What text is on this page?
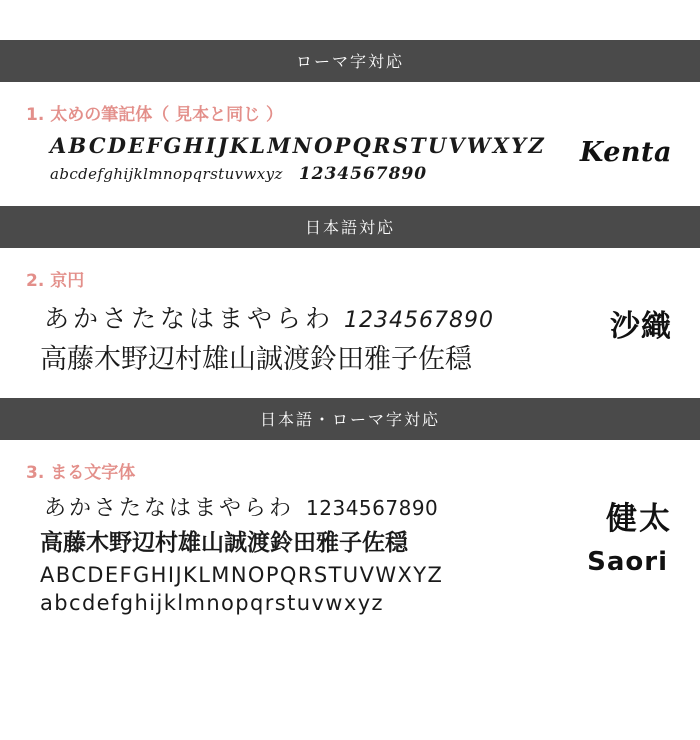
ローマ字対応
1. 太めの筆記体（ 見本と同じ ）
ABCDEFGHIJKLMNOPQRSTUVWXYZ
abcdefghijklmnopqrstuvwxyz 1234567890
Kenta
日本語対応
2. 京円
あかさたなはまやらわ 1234567890
高藤木野辺村雄山誠渡鈴田雅子佐穏
沙織
日本語・ローマ字対応
3. まる文字体
あかさたなはまやらわ 1234567890
高藤木野辺村雄山誠渡鈴田雅子佐穏
ABCDEFGHIJKLMNOPQRSTUVWXYZ
abcdefghijklmnopqrstuvwxyz
健太
Saori
